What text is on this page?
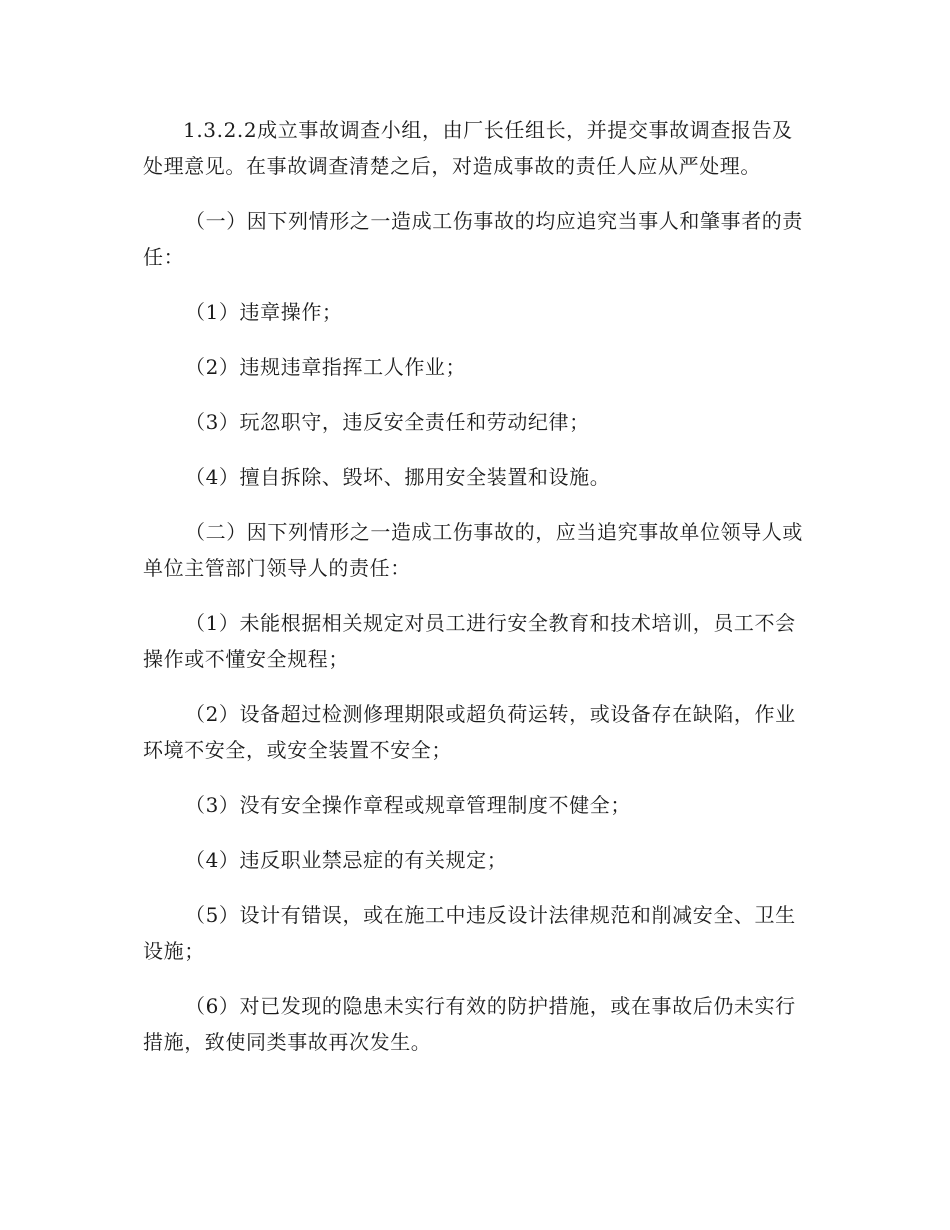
1.3.2.2成立事故调查小组，由厂长任组长，并提交事故调查报告及处理意见。在事故调查清楚之后，对造成事故的责任人应从严处理。

（一）因下列情形之一造成工伤事故的均应追究当事人和肇事者的责任：

（1）违章操作；

（2）违规违章指挥工人作业；

（3）玩忽职守，违反安全责任和劳动纪律；

（4）擅自拆除、毁坏、挪用安全装置和设施。

（二）因下列情形之一造成工伤事故的，应当追究事故单位领导人或单位主管部门领导人的责任：

（1）未能根据相关规定对员工进行安全教育和技术培训，员工不会操作或不懂安全规程；

（2）设备超过检测修理期限或超负荷运转，或设备存在缺陷，作业环境不安全，或安全装置不安全；

（3）没有安全操作章程或规章管理制度不健全；

（4）违反职业禁忌症的有关规定；

（5）设计有错误，或在施工中违反设计法律规范和削减安全、卫生设施；

（6）对已发现的隐患未实行有效的防护措施，或在事故后仍未实行措施，致使同类事故再次发生。
